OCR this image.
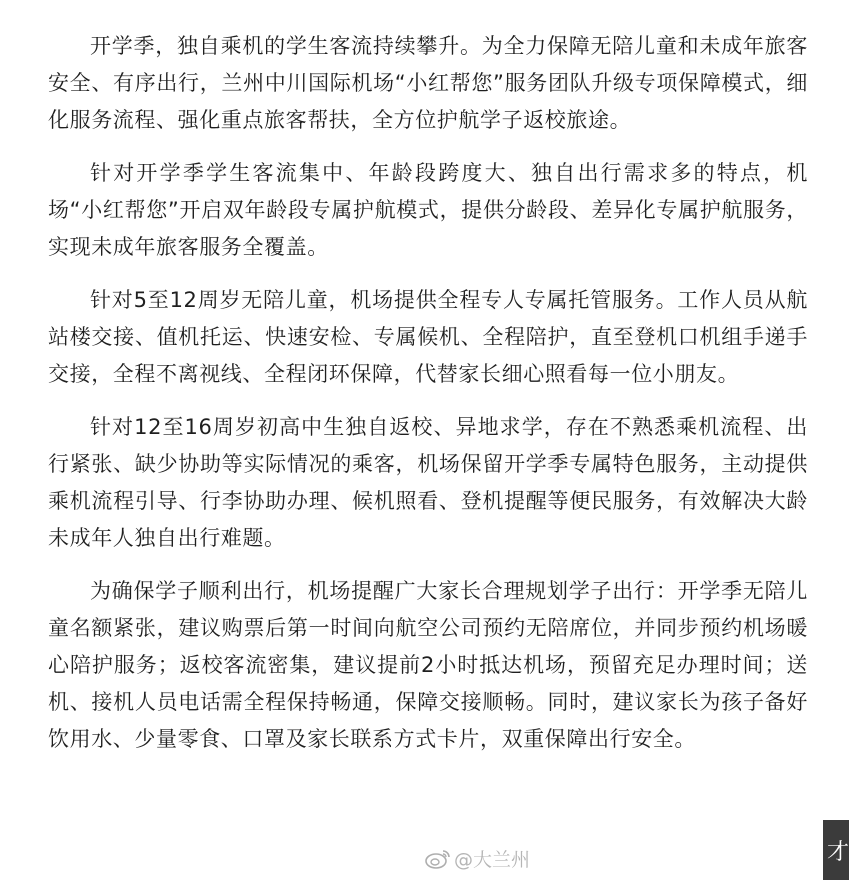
开学季，独自乘机的学生客流持续攀升。为全力保障无陪儿童和未成年旅客安全、有序出行，兰州中川国际机场“小红帮您”服务团队升级专项保障模式，细化服务流程、强化重点旅客帮扶，全方位护航学子返校旅途。

针对开学季学生客流集中、年龄段跨度大、独自出行需求多的特点，机场“小红帮您”开启双年龄段专属护航模式，提供分龄段、差异化专属护航服务，实现未成年旅客服务全覆盖。

针对5至12周岁无陪儿童，机场提供全程专人专属托管服务。工作人员从航站楼交接、值机托运、快速安检、专属候机、全程陪护，直至登机口机组手递手交接，全程不离视线、全程闭环保障，代替家长细心照看每一位小朋友。

针对12至16周岁初高中生独自返校、异地求学，存在不熟悉乘机流程、出行紧张、缺少协助等实际情况的乘客，机场保留开学季专属特色服务，主动提供乘机流程引导、行李协助办理、候机照看、登机提醒等便民服务，有效解决大龄未成年人独自出行难题。

为确保学子顺利出行，机场提醒广大家长合理规划学子出行：开学季无陪儿童名额紧张，建议购票后第一时间向航空公司预约无陪席位，并同步预约机场暖心陪护服务；返校客流密集，建议提前2小时抵达机场，预留充足办理时间；送机、接机人员电话需全程保持畅通，保障交接顺畅。同时，建议家长为孩子备好饮用水、少量零食、口罩及家长联系方式卡片，双重保障出行安全。

@大兰州	才
